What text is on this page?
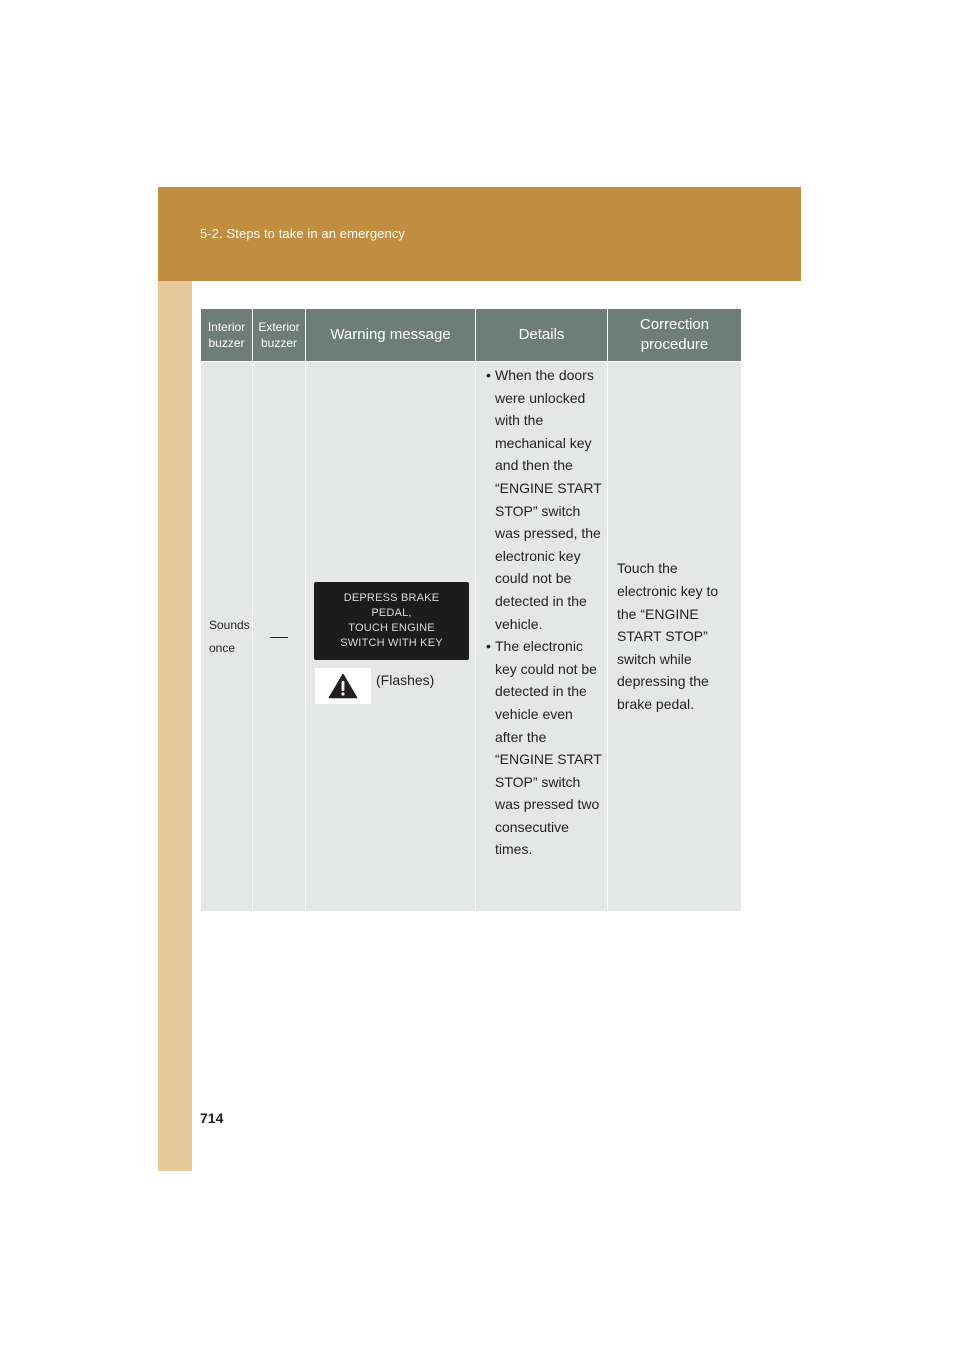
5-2. Steps to take in an emergency
Interior buzzer
Exterior buzzer
Warning message	Details
Correction procedure
Sounds once
DEPRESS BRAKE
PEDAL,
TOUCH ENGINE
SWITCH WITH KEY
(Flashes)
• When the doors were unlocked with the mechanical key and then the “ENGINE START STOP” switch was pressed, the electronic key could not be detected in the vehicle.
• The electronic key could not be detected in the vehicle even after the “ENGINE START STOP” switch was pressed two consecutive times.
Touch the electronic key to the “ENGINE START STOP” switch while depressing the brake pedal.
714
